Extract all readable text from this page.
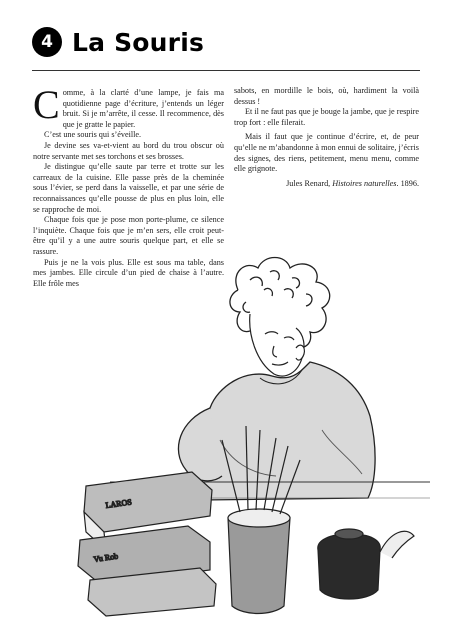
4 La Souris

Comme, à la clarté d’une lampe, je fais ma quotidienne page d’écriture, j’entends un léger bruit. Si je m’arrête, il cesse. Il recommence, dès que je gratte le papier.

C’est une souris qui s’éveille.

Je devine ses va-et-vient au bord du trou obscur où notre servante met ses torchons et ses brosses.

Je distingue qu’elle saute par terre et trotte sur les carreaux de la cuisine. Elle passe près de la cheminée sous l’évier, se perd dans la vaisselle, et par une série de reconnaissances qu’elle pousse de plus en plus loin, elle se rapproche de moi.

Chaque fois que je pose mon porte-plume, ce silence l’inquiète. Chaque fois que je m’en sers, elle croit peut-être qu’il y a une autre souris quelque part, et elle se rassure.

Puis je ne la vois plus. Elle est sous ma table, dans mes jambes. Elle circule d’un pied de chaise à l’autre. Elle frôle mes

sabots, en mordille le bois, où, hardiment la voilà dessus !

Et il ne faut pas que je bouge la jambe, que je respire trop fort : elle filerait.

Mais il faut que je continue d’écrire, et, de peur qu’elle ne m’abandonne à mon ennui de solitaire, j’écris des signes, des riens, petitement, menu menu, comme elle grignote.

Jules Renard, Histoires naturelles. 1896.

LAROS
Vu Rob
